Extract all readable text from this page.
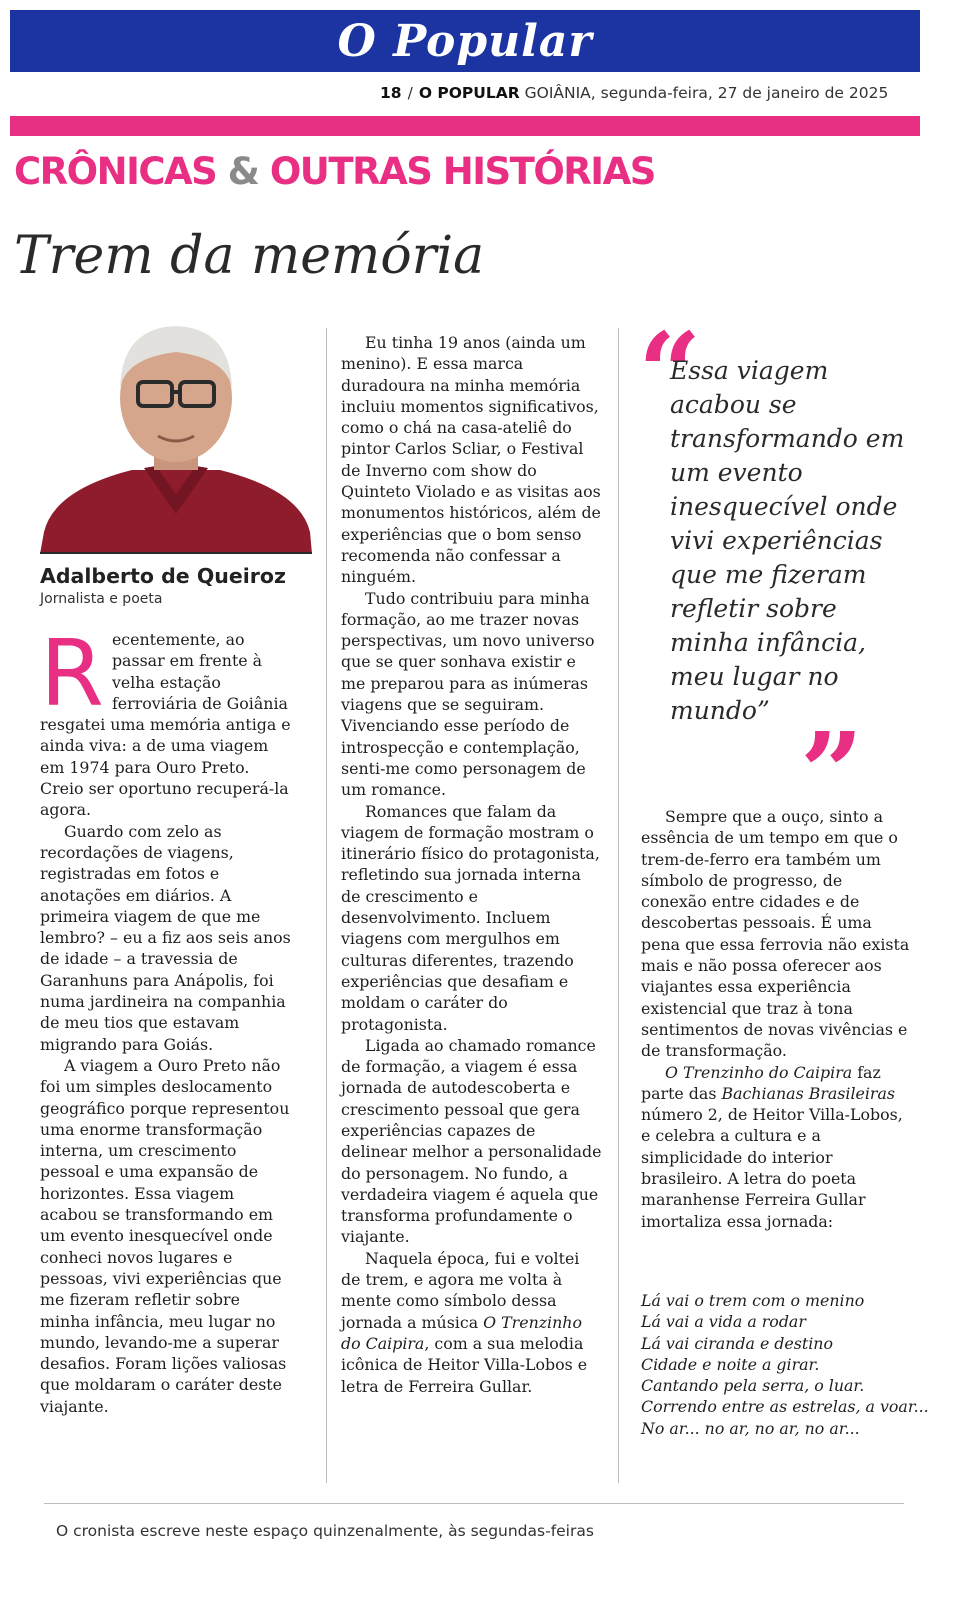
O Popular
18 / O POPULAR GOIÂNIA, segunda-feira, 27 de janeiro de 2025
CRÔNICAS & OUTRAS HISTÓRIAS
Trem da memória
Adalberto de Queiroz
Jornalista e poeta

Recentemente, ao passar em frente à velha estação ferroviária de Goiânia resgatei uma memória antiga e ainda viva: a de uma viagem em 1974 para Ouro Preto. Creio ser oportuno recuperá-la agora.

Guardo com zelo as recordações de viagens, registradas em fotos e anotações em diários. A primeira viagem de que me lembro? – eu a fiz aos seis anos de idade – a travessia de Garanhuns para Anápolis, foi numa jardineira na companhia de meu tios que estavam migrando para Goiás.

A viagem a Ouro Preto não foi um simples deslocamento geográfico porque representou uma enorme transformação interna, um crescimento pessoal e uma expansão de horizontes. Essa viagem acabou se transformando em um evento inesquecível onde conheci novos lugares e pessoas, vivi experiências que me fizeram refletir sobre minha infância, meu lugar no mundo, levando-me a superar desafios. Foram lições valiosas que moldaram o caráter deste viajante.

Eu tinha 19 anos (ainda um menino). E essa marca duradoura na minha memória incluiu momentos significativos, como o chá na casa-ateliê do pintor Carlos Scliar, o Festival de Inverno com show do Quinteto Violado e as visitas aos monumentos históricos, além de experiências que o bom senso recomenda não confessar a ninguém.

Tudo contribuiu para minha formação, ao me trazer novas perspectivas, um novo universo que se quer sonhava existir e me preparou para as inúmeras viagens que se seguiram. Vivenciando esse período de introspecção e contemplação, senti-me como personagem de um romance.

Romances que falam da viagem de formação mostram o itinerário físico do protagonista, refletindo sua jornada interna de crescimento e desenvolvimento. Incluem viagens com mergulhos em culturas diferentes, trazendo experiências que desafiam e moldam o caráter do protagonista.

Ligada ao chamado romance de formação, a viagem é essa jornada de autodescoberta e crescimento pessoal que gera experiências capazes de delinear melhor a personalidade do personagem. No fundo, a verdadeira viagem é aquela que transforma profundamente o viajante.

Naquela época, fui e voltei de trem, e agora me volta à mente como símbolo dessa jornada a música O Trenzinho do Caipira, com a sua melodia icônica de Heitor Villa-Lobos e letra de Ferreira Gullar.

“
Essa viagem acabou se transformando em um evento inesquecível onde vivi experiências que me fizeram refletir sobre minha infância, meu lugar no mundo” ”

Sempre que a ouço, sinto a essência de um tempo em que o trem-de-ferro era também um símbolo de progresso, de conexão entre cidades e de descobertas pessoais. É uma pena que essa ferrovia não exista mais e não possa oferecer aos viajantes essa experiência existencial que traz à tona sentimentos de novas vivências e de transformação.

O Trenzinho do Caipira faz parte das Bachianas Brasileiras número 2, de Heitor Villa-Lobos, e celebra a cultura e a simplicidade do interior brasileiro. A letra do poeta maranhense Ferreira Gullar imortaliza essa jornada:

Lá vai o trem com o menino
Lá vai a vida a rodar
Lá vai ciranda e destino
Cidade e noite a girar.
Cantando pela serra, o luar.
Correndo entre as estrelas, a voar...
No ar... no ar, no ar, no ar...
O cronista escreve neste espaço quinzenalmente, às segundas-feiras
